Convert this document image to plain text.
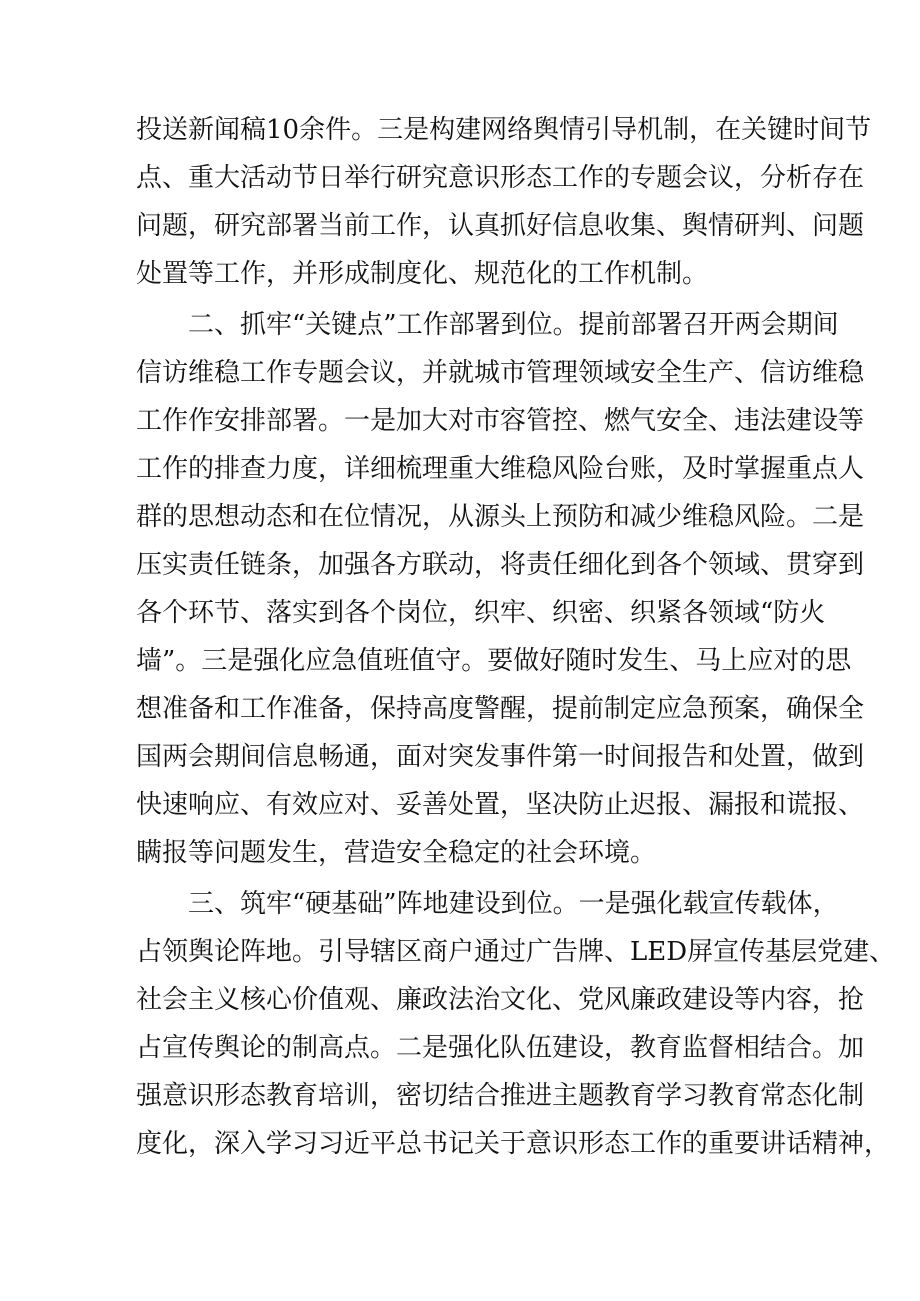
投送新闻稿10余件。三是构建网络舆情引导机制，在关键时间节
点、重大活动节日举行研究意识形态工作的专题会议，分析存在
问题，研究部署当前工作，认真抓好信息收集、舆情研判、问题
处置等工作，并形成制度化、规范化的工作机制。
二、抓牢“关键点”工作部署到位。提前部署召开两会期间
信访维稳工作专题会议，并就城市管理领域安全生产、信访维稳
工作作安排部署。一是加大对市容管控、燃气安全、违法建设等
工作的排查力度，详细梳理重大维稳风险台账，及时掌握重点人
群的思想动态和在位情况，从源头上预防和减少维稳风险。二是
压实责任链条，加强各方联动，将责任细化到各个领域、贯穿到
各个环节、落实到各个岗位，织牢、织密、织紧各领域“防火
墙”。三是强化应急值班值守。要做好随时发生、马上应对的思
想准备和工作准备，保持高度警醒，提前制定应急预案，确保全
国两会期间信息畅通，面对突发事件第一时间报告和处置，做到
快速响应、有效应对、妥善处置，坚决防止迟报、漏报和谎报、
瞒报等问题发生，营造安全稳定的社会环境。
三、筑牢“硬基础”阵地建设到位。一是强化载宣传载体，
占领舆论阵地。引导辖区商户通过广告牌、LED屏宣传基层党建、
社会主义核心价值观、廉政法治文化、党风廉政建设等内容，抢
占宣传舆论的制高点。二是强化队伍建设，教育监督相结合。加
强意识形态教育培训，密切结合推进主题教育学习教育常态化制
度化，深入学习习近平总书记关于意识形态工作的重要讲话精神，
